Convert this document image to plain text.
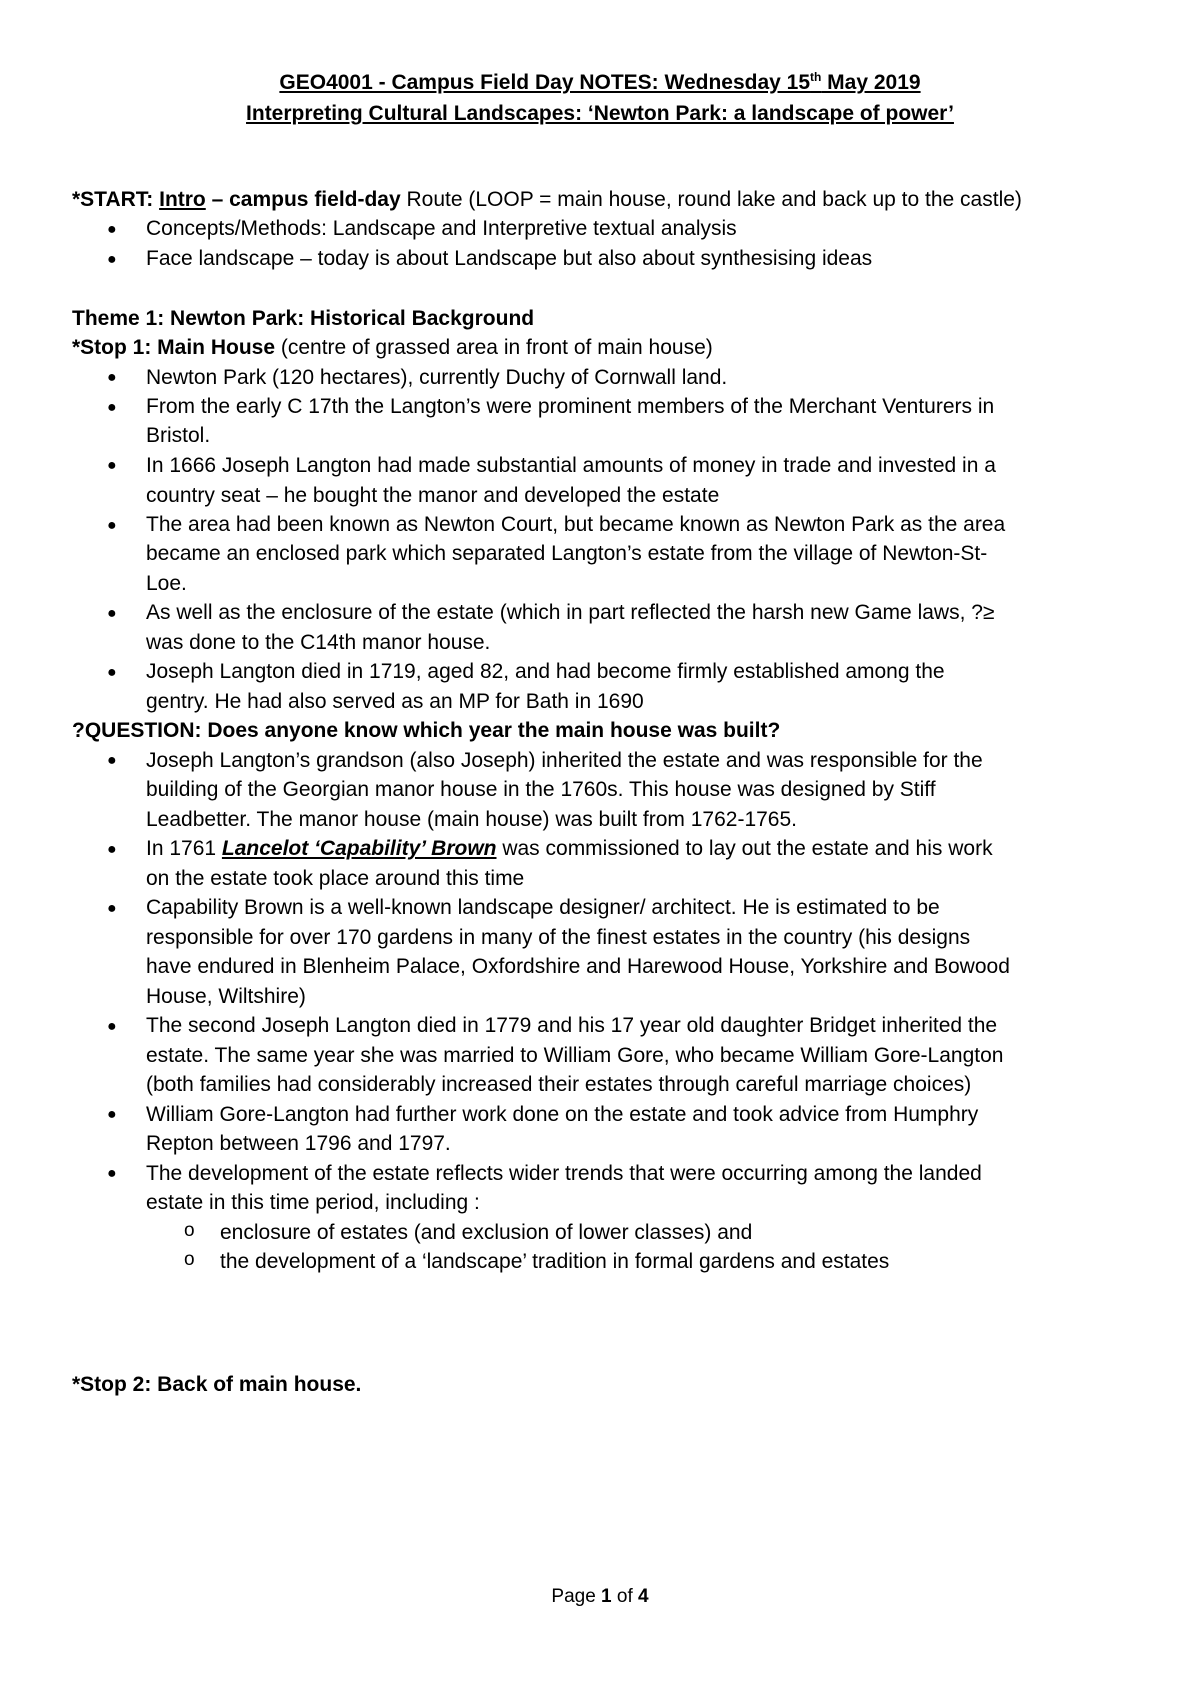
GEO4001 - Campus Field Day NOTES: Wednesday 15th May 2019
Interpreting Cultural Landscapes: ‘Newton Park: a landscape of power’
*START: Intro – campus field-day Route (LOOP = main house, round lake and back up to the castle)
● Concepts/Methods: Landscape and Interpretive textual analysis
● Face landscape – today is about Landscape but also about synthesising ideas
Theme 1: Newton Park: Historical Background
*Stop 1: Main House (centre of grassed area in front of main house)
● Newton Park (120 hectares), currently Duchy of Cornwall land.
● From the early C 17th the Langton’s were prominent members of the Merchant Venturers in
Bristol.
● In 1666 Joseph Langton had made substantial amounts of money in trade and invested in a
country seat – he bought the manor and developed the estate
● The area had been known as Newton Court, but became known as Newton Park as the area
became an enclosed park which separated Langton’s estate from the village of Newton-St-
Loe.
● As well as the enclosure of the estate (which in part reflected the harsh new Game laws, ?≥
was done to the C14th manor house.
● Joseph Langton died in 1719, aged 82, and had become firmly established among the
gentry. He had also served as an MP for Bath in 1690
?QUESTION: Does anyone know which year the main house was built?
● Joseph Langton’s grandson (also Joseph) inherited the estate and was responsible for the
building of the Georgian manor house in the 1760s. This house was designed by Stiff
Leadbetter. The manor house (main house) was built from 1762-1765.
● In 1761 Lancelot ‘Capability’ Brown was commissioned to lay out the estate and his work
on the estate took place around this time
● Capability Brown is a well-known landscape designer/ architect. He is estimated to be
responsible for over 170 gardens in many of the finest estates in the country (his designs
have endured in Blenheim Palace, Oxfordshire and Harewood House, Yorkshire and Bowood
House, Wiltshire)
● The second Joseph Langton died in 1779 and his 17 year old daughter Bridget inherited the
estate. The same year she was married to William Gore, who became William Gore-Langton
(both families had considerably increased their estates through careful marriage choices)
● William Gore-Langton had further work done on the estate and took advice from Humphry
Repton between 1796 and 1797.
● The development of the estate reflects wider trends that were occurring among the landed
estate in this time period, including :
o enclosure of estates (and exclusion of lower classes) and
o the development of a ‘landscape’ tradition in formal gardens and estates
*Stop 2: Back of main house.
Page 1 of 4
